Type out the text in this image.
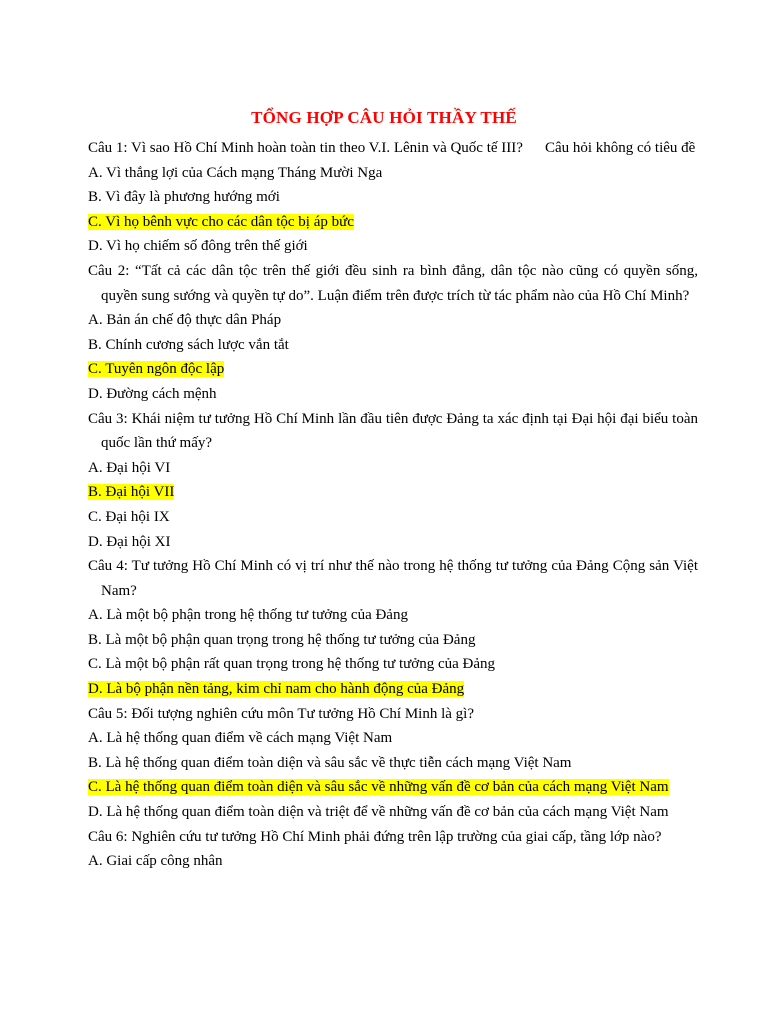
TỔNG HỢP CÂU HỎI THẦY THẾ
Câu 1: Vì sao Hồ Chí Minh hoàn toàn tin theo V.I. Lênin và Quốc tế III? Câu hỏi không có tiêu đề
A. Vì thắng lợi của Cách mạng Tháng Mười Nga
B. Vì đây là phương hướng mới
C. Vì họ bênh vực cho các dân tộc bị áp bức
D. Vì họ chiếm số đông trên thế giới
Câu 2: “Tất cả các dân tộc trên thế giới đều sinh ra bình đẳng, dân tộc nào cũng có quyền sống, quyền sung sướng và quyền tự do”. Luận điểm trên được trích từ tác phẩm nào của Hồ Chí Minh?
A. Bản án chế độ thực dân Pháp
B. Chính cương sách lược vắn tắt
C. Tuyên ngôn độc lập
D. Đường cách mệnh
Câu 3: Khái niệm tư tưởng Hồ Chí Minh lần đầu tiên được Đảng ta xác định tại Đại hội đại biểu toàn quốc lần thứ mấy?
A. Đại hội VI
B. Đại hội VII
C. Đại hội IX
D. Đại hội XI
Câu 4: Tư tưởng Hồ Chí Minh có vị trí như thế nào trong hệ thống tư tưởng của Đảng Cộng sản Việt Nam?
A. Là một bộ phận trong hệ thống tư tưởng của Đảng
B. Là một bộ phận quan trọng trong hệ thống tư tưởng của Đảng
C. Là một bộ phận rất quan trọng trong hệ thống tư tưởng của Đảng
D. Là bộ phận nền tảng, kim chỉ nam cho hành động của Đảng
Câu 5: Đối tượng nghiên cứu môn Tư tưởng Hồ Chí Minh là gì?
A. Là hệ thống quan điểm về cách mạng Việt Nam
B. Là hệ thống quan điểm toàn diện và sâu sắc về thực tiễn cách mạng Việt Nam
C. Là hệ thống quan điểm toàn diện và sâu sắc về những vấn đề cơ bản của cách mạng Việt Nam
D. Là hệ thống quan điểm toàn diện và triệt để về những vấn đề cơ bản của cách mạng Việt Nam
Câu 6: Nghiên cứu tư tưởng Hồ Chí Minh phải đứng trên lập trường của giai cấp, tầng lớp nào?
A. Giai cấp công nhân
